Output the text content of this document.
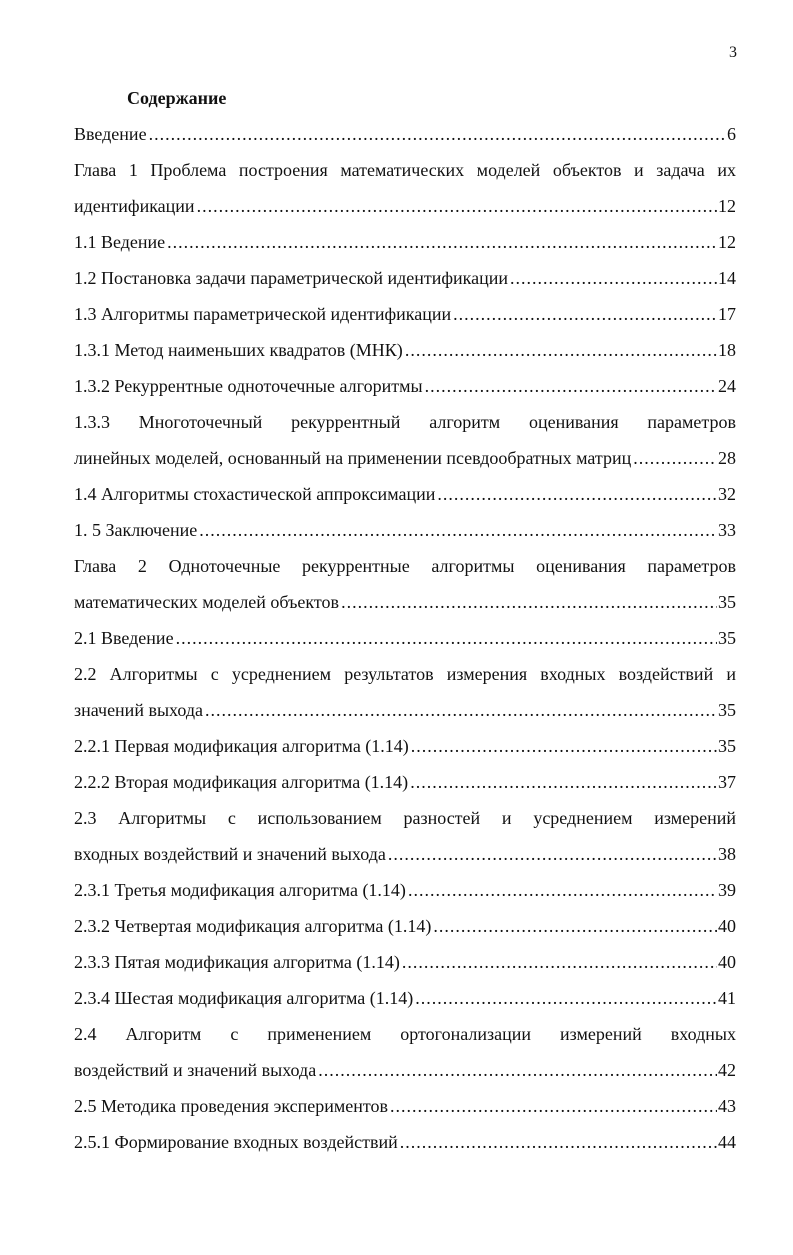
3
Содержание
Введение .....	6
Глава 1 Проблема построения математических моделей объектов и задача их
идентификации .....	12
1.1 Ведение .....	12
1.2 Постановка задачи параметрической идентификации .....	14
1.3 Алгоритмы параметрической идентификации .....	17
1.3.1 Метод наименьших квадратов (МНК) .....	18
1.3.2 Рекуррентные одноточечные алгоритмы .....	24
1.3.3 Многоточечный рекуррентный алгоритм оценивания параметров
линейных моделей, основанный на применении псевдообратных матриц .....	28
1.4 Алгоритмы стохастической аппроксимации .....	32
1. 5 Заключение .....	33
Глава 2 Одноточечные рекуррентные алгоритмы оценивания параметров
математических моделей объектов .....	35
2.1 Введение .....	35
2.2 Алгоритмы с усреднением результатов измерения входных воздействий и
значений выхода .....	35
2.2.1 Первая модификация алгоритма (1.14) .....	35
2.2.2 Вторая модификация алгоритма (1.14) .....	37
2.3 Алгоритмы с использованием разностей и усреднением измерений
входных воздействий и значений выхода .....	38
2.3.1 Третья модификация алгоритма (1.14) .....	39
2.3.2 Четвертая модификация алгоритма (1.14) .....	40
2.3.3 Пятая модификация алгоритма (1.14) .....	40
2.3.4 Шестая модификация алгоритма (1.14) .....	41
2.4 Алгоритм с применением ортогонализации измерений входных
воздействий и значений выхода .....	42
2.5 Методика проведения экспериментов .....	43
2.5.1 Формирование входных воздействий .....	44
